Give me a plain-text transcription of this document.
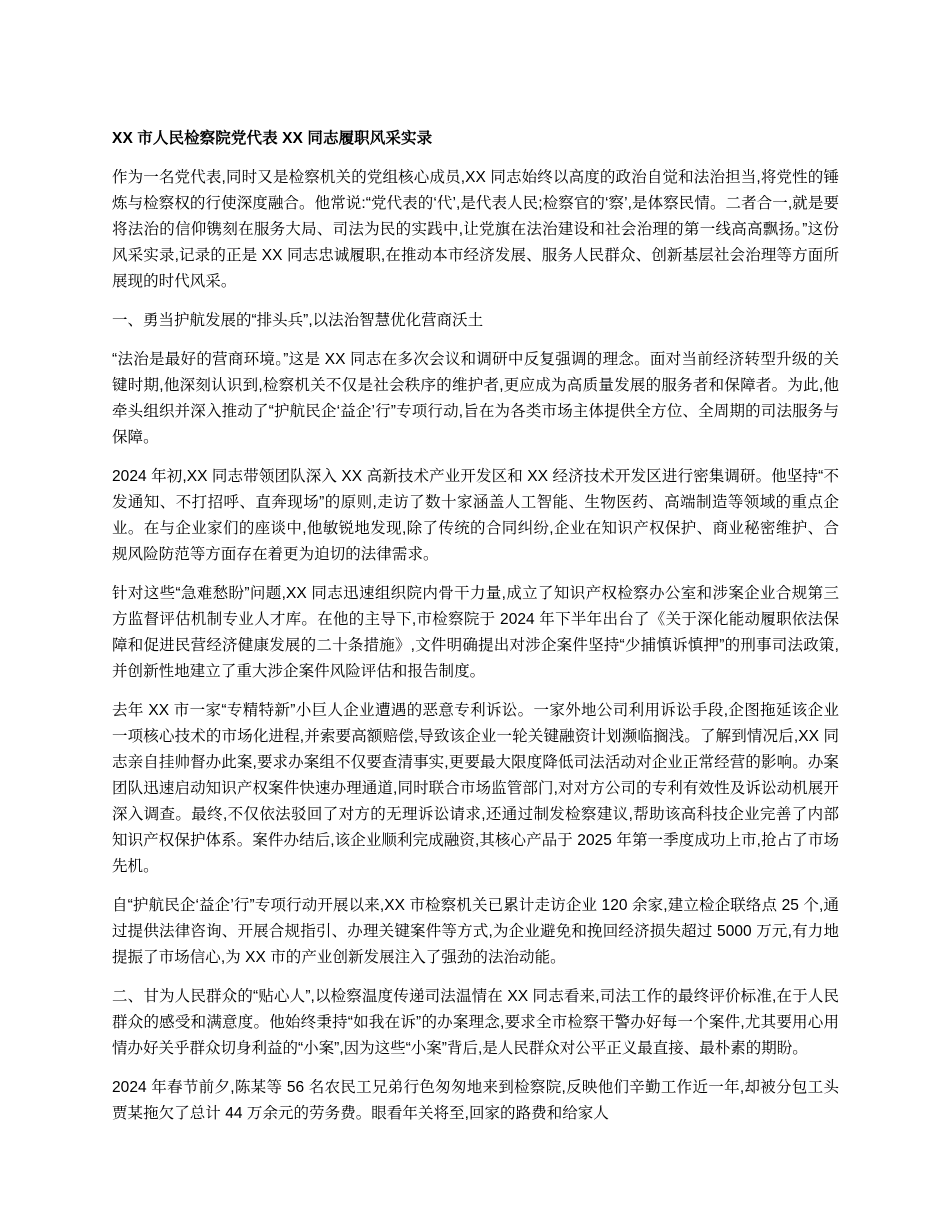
XX 市人民检察院党代表 XX 同志履职风采实录

作为一名党代表,同时又是检察机关的党组核心成员,XX 同志始终以高度的政治自觉和法治担当,将党性的锤炼与检察权的行使深度融合。他常说:“党代表的‘代’,是代表人民;检察官的‘察’,是体察民情。二者合一,就是要将法治的信仰镌刻在服务大局、司法为民的实践中,让党旗在法治建设和社会治理的第一线高高飘扬。”这份风采实录,记录的正是 XX 同志忠诚履职,在推动本市经济发展、服务人民群众、创新基层社会治理等方面所展现的时代风采。

一、勇当护航发展的“排头兵”,以法治智慧优化营商沃土

“法治是最好的营商环境。”这是 XX 同志在多次会议和调研中反复强调的理念。面对当前经济转型升级的关键时期,他深刻认识到,检察机关不仅是社会秩序的维护者,更应成为高质量发展的服务者和保障者。为此,他牵头组织并深入推动了“护航民企‘益企’行”专项行动,旨在为各类市场主体提供全方位、全周期的司法服务与保障。

2024 年初,XX 同志带领团队深入 XX 高新技术产业开发区和 XX 经济技术开发区进行密集调研。他坚持“不发通知、不打招呼、直奔现场”的原则,走访了数十家涵盖人工智能、生物医药、高端制造等领域的重点企业。在与企业家们的座谈中,他敏锐地发现,除了传统的合同纠纷,企业在知识产权保护、商业秘密维护、合规风险防范等方面存在着更为迫切的法律需求。

针对这些“急难愁盼”问题,XX 同志迅速组织院内骨干力量,成立了知识产权检察办公室和涉案企业合规第三方监督评估机制专业人才库。在他的主导下,市检察院于 2024 年下半年出台了《关于深化能动履职依法保障和促进民营经济健康发展的二十条措施》,文件明确提出对涉企案件坚持“少捕慎诉慎押”的刑事司法政策,并创新性地建立了重大涉企案件风险评估和报告制度。

去年 XX 市一家“专精特新”小巨人企业遭遇的恶意专利诉讼。一家外地公司利用诉讼手段,企图拖延该企业一项核心技术的市场化进程,并索要高额赔偿,导致该企业一轮关键融资计划濒临搁浅。了解到情况后,XX 同志亲自挂帅督办此案,要求办案组不仅要查清事实,更要最大限度降低司法活动对企业正常经营的影响。办案团队迅速启动知识产权案件快速办理通道,同时联合市场监管部门,对对方公司的专利有效性及诉讼动机展开深入调查。最终,不仅依法驳回了对方的无理诉讼请求,还通过制发检察建议,帮助该高科技企业完善了内部知识产权保护体系。案件办结后,该企业顺利完成融资,其核心产品于 2025 年第一季度成功上市,抢占了市场先机。

自“护航民企‘益企’行”专项行动开展以来,XX 市检察机关已累计走访企业 120 余家,建立检企联络点 25 个,通过提供法律咨询、开展合规指引、办理关键案件等方式,为企业避免和挽回经济损失超过 5000 万元,有力地提振了市场信心,为 XX 市的产业创新发展注入了强劲的法治动能。

二、甘为人民群众的“贴心人”,以检察温度传递司法温情在 XX 同志看来,司法工作的最终评价标准,在于人民群众的感受和满意度。他始终秉持“如我在诉”的办案理念,要求全市检察干警办好每一个案件,尤其要用心用情办好关乎群众切身利益的“小案”,因为这些“小案”背后,是人民群众对公平正义最直接、最朴素的期盼。

2024 年春节前夕,陈某等 56 名农民工兄弟行色匆匆地来到检察院,反映他们辛勤工作近一年,却被分包工头贾某拖欠了总计 44 万余元的劳务费。眼看年关将至,回家的路费和给家人
